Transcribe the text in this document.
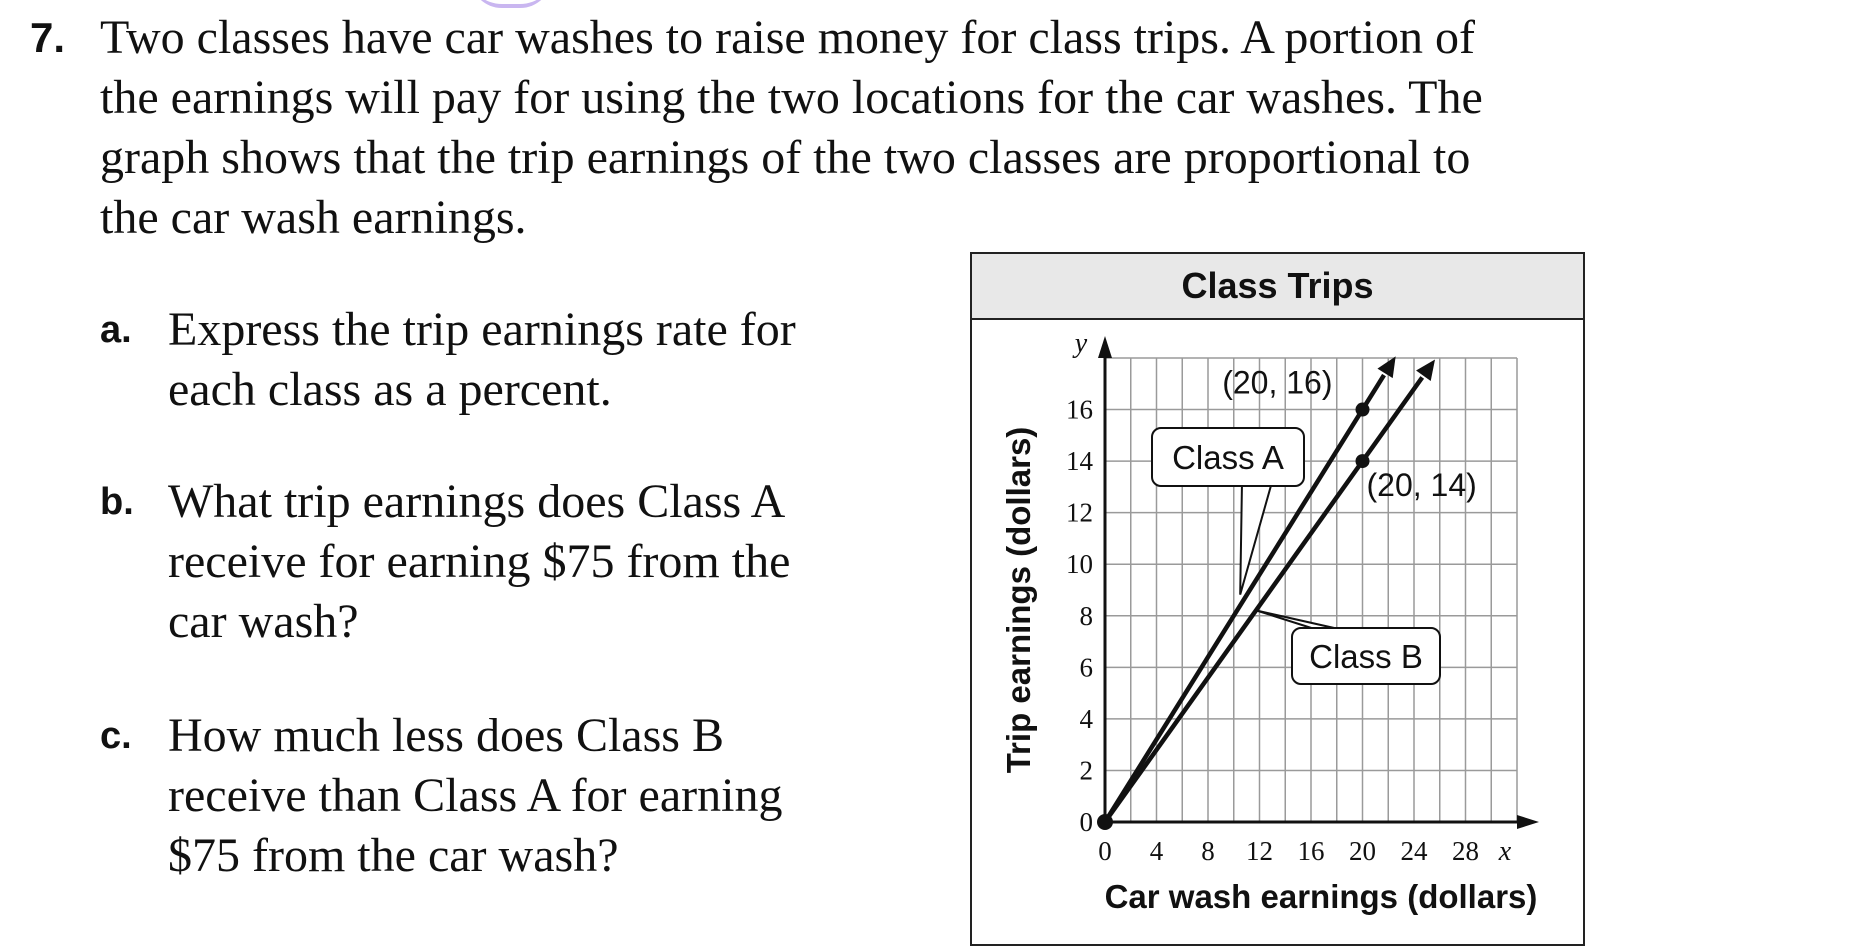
7. Two classes have car washes to raise money for class trips. A portion of
the earnings will pay for using the two locations for the car washes. The
graph shows that the trip earnings of the two classes are proportional to
the car wash earnings.

a. Express the trip earnings rate for
each class as a percent.
b. What trip earnings does Class A
receive for earning $75 from the
car wash?
c. How much less does Class B
receive than Class A for earning
$75 from the car wash?
Class Trips
0 4 8 12 16 20 24 28
0
2
4
6
8
10
12
14
16
x
y
Car wash earnings (dollars)
Trip earnings (dollars)
(20, 16)
(20, 14)
Class A
Class B
